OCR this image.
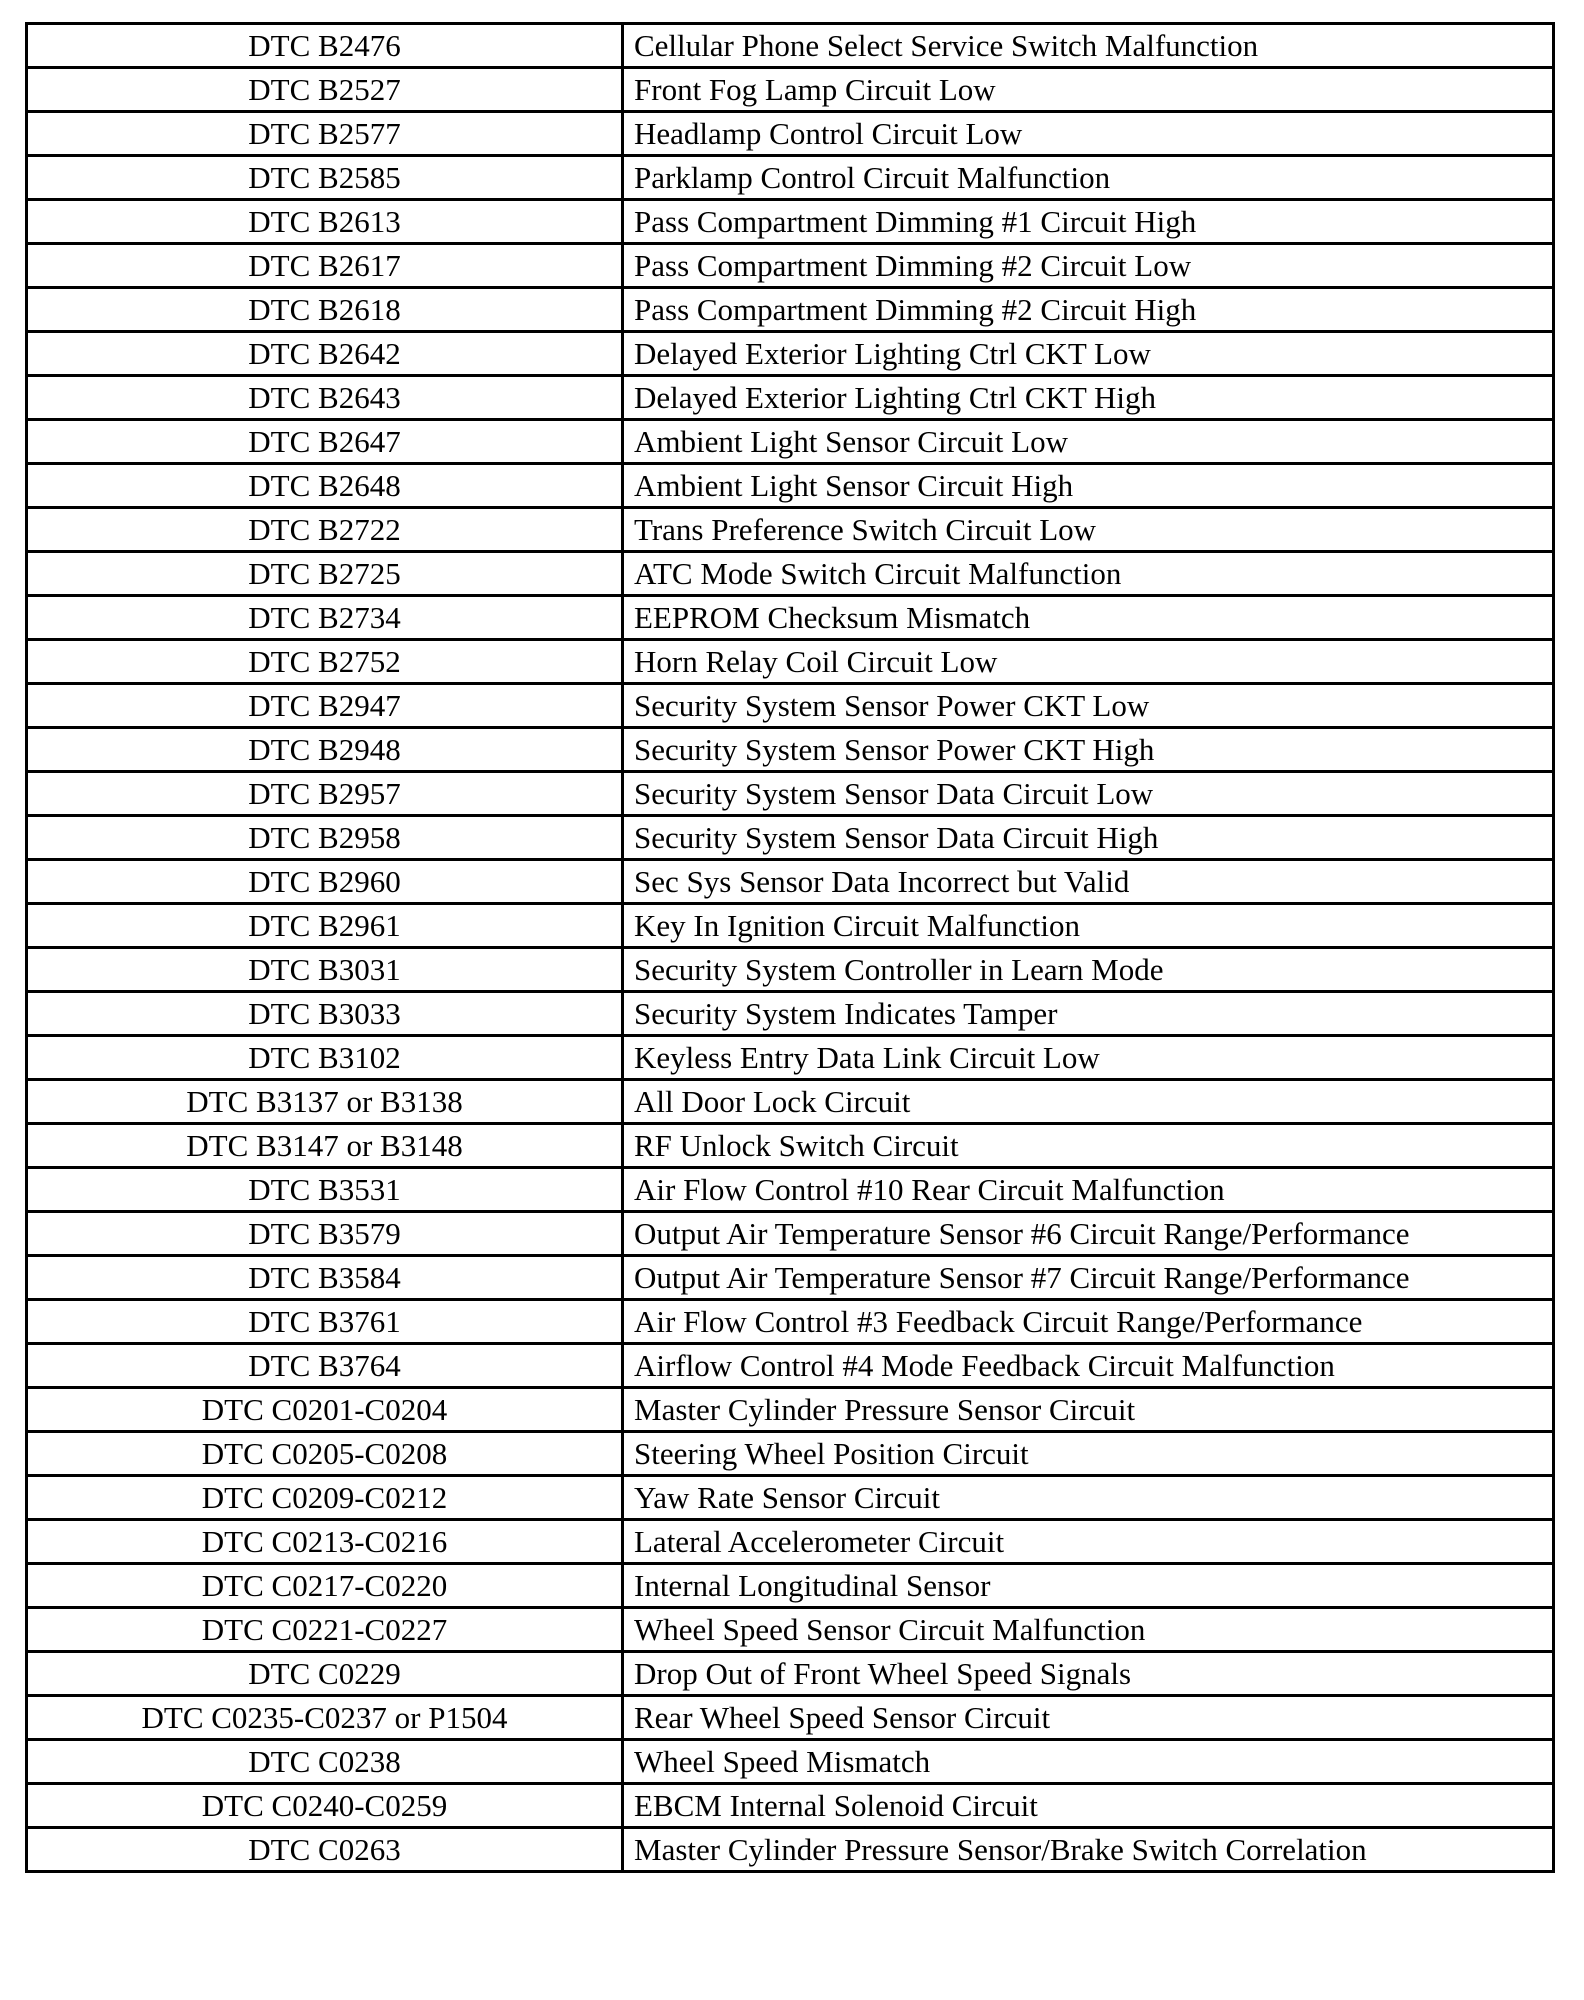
DTC B2476	Cellular Phone Select Service Switch Malfunction
DTC B2527	Front Fog Lamp Circuit Low
DTC B2577	Headlamp Control Circuit Low
DTC B2585	Parklamp Control Circuit Malfunction
DTC B2613	Pass Compartment Dimming #1 Circuit High
DTC B2617	Pass Compartment Dimming #2 Circuit Low
DTC B2618	Pass Compartment Dimming #2 Circuit High
DTC B2642	Delayed Exterior Lighting Ctrl CKT Low
DTC B2643	Delayed Exterior Lighting Ctrl CKT High
DTC B2647	Ambient Light Sensor Circuit Low
DTC B2648	Ambient Light Sensor Circuit High
DTC B2722	Trans Preference Switch Circuit Low
DTC B2725	ATC Mode Switch Circuit Malfunction
DTC B2734	EEPROM Checksum Mismatch
DTC B2752	Horn Relay Coil Circuit Low
DTC B2947	Security System Sensor Power CKT Low
DTC B2948	Security System Sensor Power CKT High
DTC B2957	Security System Sensor Data Circuit Low
DTC B2958	Security System Sensor Data Circuit High
DTC B2960	Sec Sys Sensor Data Incorrect but Valid
DTC B2961	Key In Ignition Circuit Malfunction
DTC B3031	Security System Controller in Learn Mode
DTC B3033	Security System Indicates Tamper
DTC B3102	Keyless Entry Data Link Circuit Low
DTC B3137 or B3138	All Door Lock Circuit
DTC B3147 or B3148	RF Unlock Switch Circuit
DTC B3531	Air Flow Control #10 Rear Circuit Malfunction
DTC B3579	Output Air Temperature Sensor #6 Circuit Range/Performance
DTC B3584	Output Air Temperature Sensor #7 Circuit Range/Performance
DTC B3761	Air Flow Control #3 Feedback Circuit Range/Performance
DTC B3764	Airflow Control #4 Mode Feedback Circuit Malfunction
DTC C0201-C0204	Master Cylinder Pressure Sensor Circuit
DTC C0205-C0208	Steering Wheel Position Circuit
DTC C0209-C0212	Yaw Rate Sensor Circuit
DTC C0213-C0216	Lateral Accelerometer Circuit
DTC C0217-C0220	Internal Longitudinal Sensor
DTC C0221-C0227	Wheel Speed Sensor Circuit Malfunction
DTC C0229	Drop Out of Front Wheel Speed Signals
DTC C0235-C0237 or P1504	Rear Wheel Speed Sensor Circuit
DTC C0238	Wheel Speed Mismatch
DTC C0240-C0259	EBCM Internal Solenoid Circuit
DTC C0263	Master Cylinder Pressure Sensor/Brake Switch Correlation
